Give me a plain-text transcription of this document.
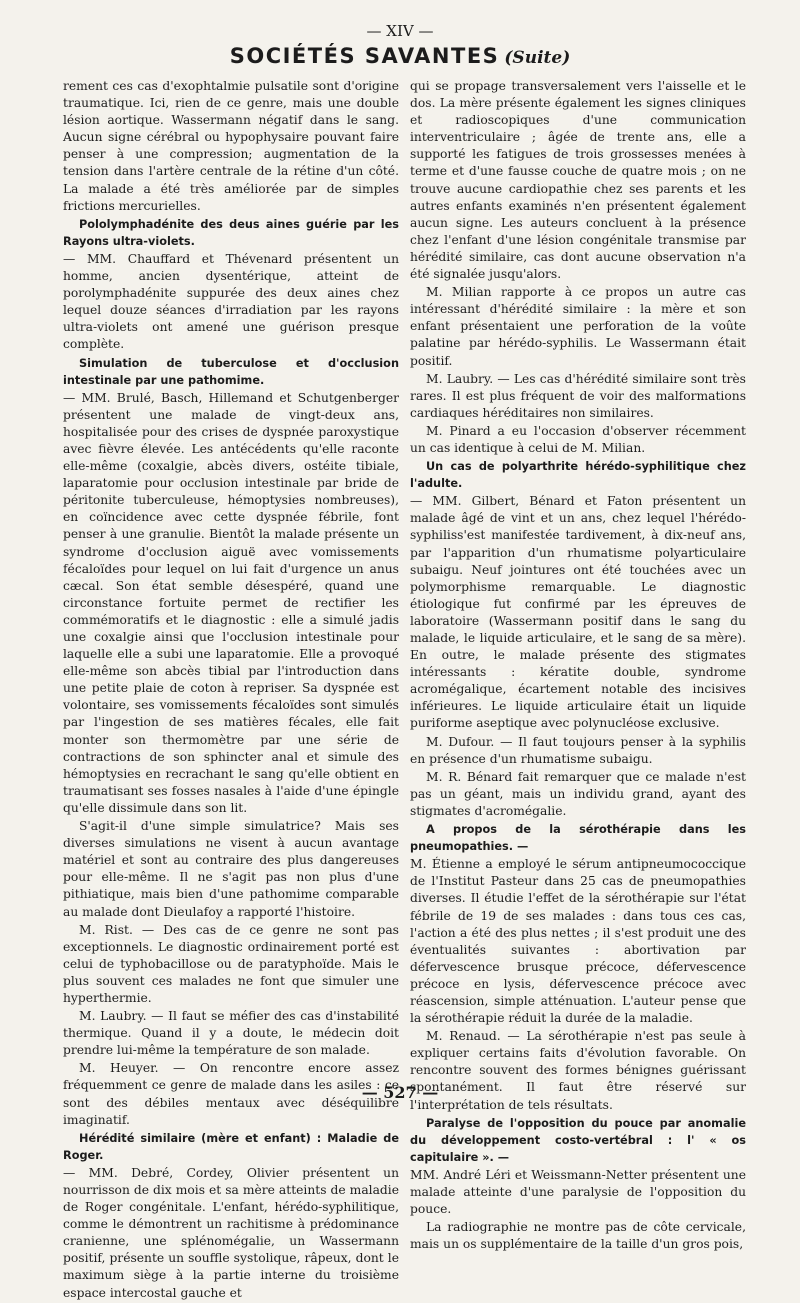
— XIV —
SOCIÉTÉS SAVANTES (Suite)

rement ces cas d'exophtalmie pulsatile sont d'origine traumatique. Ici, rien de ce genre, mais une double lésion aortique. Wassermann négatif dans le sang. Aucun signe cérébral ou hypophysaire pouvant faire penser à une compression; augmentation de la tension dans l'artère centrale de la rétine d'un côté. La malade a été très améliorée par de simples frictions mercurielles.

Pololymphadénite des deus aines guérie par les Rayons ultra-violets.

— MM. Chauffard et Thévenard présentent un homme, ancien dysentérique, atteint de porolymphadénite suppurée des deux aines chez lequel douze séances d'irradiation par les rayons ultra-violets ont amené une guérison presque complète.

Simulation de tuberculose et d'occlusion intestinale par une pathomime.

— MM. Brulé, Basch, Hillemand et Schutgenberger présentent une malade de vingt-deux ans, hospitalisée pour des crises de dyspnée paroxystique avec fièvre élevée. Les antécédents qu'elle raconte elle-même (coxalgie, abcès divers, ostéite tibiale, laparatomie pour occlusion intestinale par bride de péritonite tuberculeuse, hémoptysies nombreuses), en coïncidence avec cette dyspnée fébrile, font penser à une granulie. Bientôt la malade présente un syndrome d'occlusion aiguë avec vomissements fécaloïdes pour lequel on lui fait d'urgence un anus cæcal. Son état semble désespéré, quand une circonstance fortuite permet de rectifier les commémoratifs et le diagnostic : elle a simulé jadis une coxalgie ainsi que l'occlusion intestinale pour laquelle elle a subi une laparatomie. Elle a provoqué elle-même son abcès tibial par l'introduction dans une petite plaie de coton à repriser. Sa dyspnée est volontaire, ses vomissements fécaloïdes sont simulés par l'ingestion de ses matières fécales, elle fait monter son thermomètre par une série de contractions de son sphincter anal et simule des hémoptysies en recrachant le sang qu'elle obtient en traumatisant ses fosses nasales à l'aide d'une épingle qu'elle dissimule dans son lit.

S'agit-il d'une simple simulatrice? Mais ses diverses simulations ne visent à aucun avantage matériel et sont au contraire des plus dangereuses pour elle-même. Il ne s'agit pas non plus d'une pithiatique, mais bien d'une pathomime comparable au malade dont Dieulafoy a rapporté l'histoire.

M. Rist. — Des cas de ce genre ne sont pas exceptionnels. Le diagnostic ordinairement porté est celui de typhobacillose ou de paratyphoïde. Mais le plus souvent ces malades ne font que simuler une hyperthermie.

M. Laubry. — Il faut se méfier des cas d'instabilité thermique. Quand il y a doute, le médecin doit prendre lui-même la température de son malade.

M. Heuyer. — On rencontre encore assez fréquemment ce genre de malade dans les asiles : ce sont des débiles mentaux avec déséquilibre imaginatif.

Hérédité similaire (mère et enfant) : Maladie de Roger.

— MM. Debré, Cordey, Olivier présentent un nourrisson de dix mois et sa mère atteints de maladie de Roger congénitale. L'enfant, hérédo-syphilitique, comme le démontrent un rachitisme à prédominance cranienne, une splénomégalie, un Wassermann positif, présente un souffle systolique, râpeux, dont le maximum siège à la partie interne du troisième espace intercostal gauche et

qui se propage transversalement vers l'aisselle et le dos. La mère présente également les signes cliniques et radioscopiques d'une communication interventriculaire ; âgée de trente ans, elle a supporté les fatigues de trois grossesses menées à terme et d'une fausse couche de quatre mois ; on ne trouve aucune cardiopathie chez ses parents et les autres enfants examinés n'en présentent également aucun signe. Les auteurs concluent à la présence chez l'enfant d'une lésion congénitale transmise par hérédité similaire, cas dont aucune observation n'a été signalée jusqu'alors.

M. Milian rapporte à ce propos un autre cas intéressant d'hérédité similaire : la mère et son enfant présentaient une perforation de la voûte palatine par hérédo-syphilis. Le Wassermann était positif.

M. Laubry. — Les cas d'hérédité similaire sont très rares. Il est plus fréquent de voir des malformations cardiaques héréditaires non similaires.

M. Pinard a eu l'occasion d'observer récemment un cas identique à celui de M. Milian.

Un cas de polyarthrite hérédo-syphilitique chez l'adulte.

— MM. Gilbert, Bénard et Faton présentent un malade âgé de vint et un ans, chez lequel l'hérédo-syphiliss'est manifestée tardivement, à dix-neuf ans, par l'apparition d'un rhumatisme polyarticulaire subaigu. Neuf jointures ont été touchées avec un polymorphisme remarquable. Le diagnostic étiologique fut confirmé par les épreuves de laboratoire (Wassermann positif dans le sang du malade, le liquide articulaire, et le sang de sa mère). En outre, le malade présente des stigmates intéressants : kératite double, syndrome acromégalique, écartement notable des incisives inférieures. Le liquide articulaire était un liquide puriforme aseptique avec polynucléose exclusive.

M. Dufour. — Il faut toujours penser à la syphilis en présence d'un rhumatisme subaigu.

M. R. Bénard fait remarquer que ce malade n'est pas un géant, mais un individu grand, ayant des stigmates d'acromégalie.

A propos de la sérothérapie dans les pneumopathies. —

M. Étienne a employé le sérum antipneumococcique de l'Institut Pasteur dans 25 cas de pneumopathies diverses. Il étudie l'effet de la sérothérapie sur l'état fébrile de 19 de ses malades : dans tous ces cas, l'action a été des plus nettes ; il s'est produit une des éventualités suivantes : abortivation par défervescence brusque précoce, défervescence précoce en lysis, défervescence précoce avec réascension, simple atténuation. L'auteur pense que la sérothérapie réduit la durée de la maladie.

M. Renaud. — La sérothérapie n'est pas seule à expliquer certains faits d'évolution favorable. On rencontre souvent des formes bénignes guérissant spontanément. Il faut être réservé sur l'interprétation de tels résultats.

Paralyse de l'opposition du pouce par anomalie du développement costo-vertébral : l' « os capitulaire ». —

MM. André Léri et Weissmann-Netter présentent une malade atteinte d'une paralysie de l'opposition du pouce.

La radiographie ne montre pas de côte cervicale, mais un os supplémentaire de la taille d'un gros pois,

— 527 —
